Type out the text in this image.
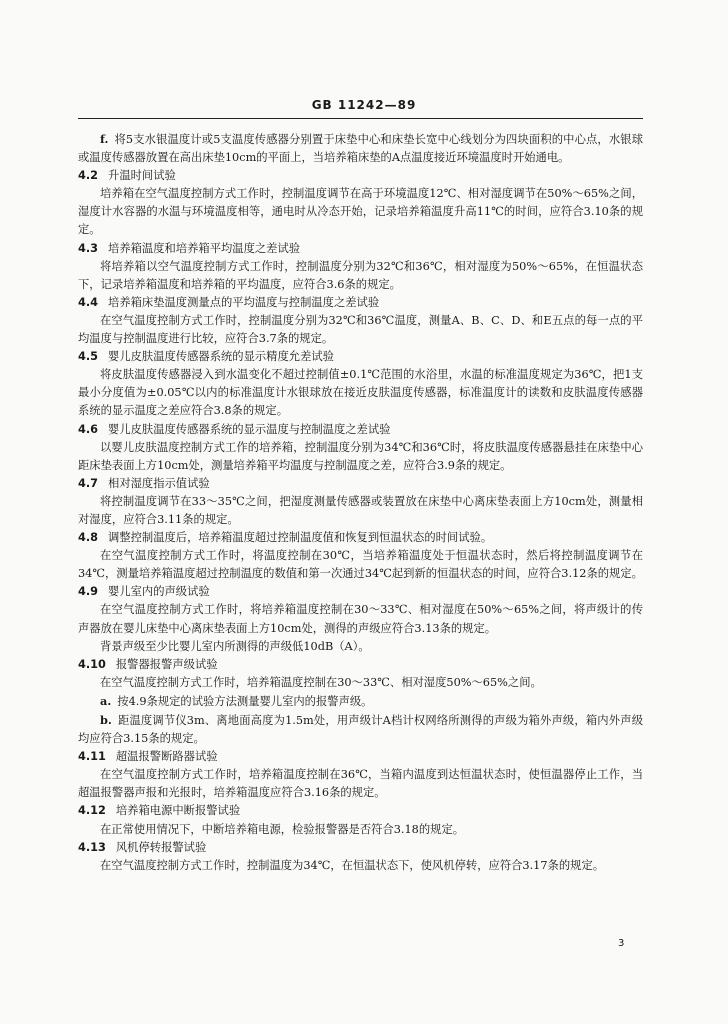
GB 11242—89

f. 将5支水银温度计或5支温度传感器分别置于床垫中心和床垫长宽中心线划分为四块面积的中心点，水银球或温度传感器放置在高出床垫10cm的平面上，当培养箱床垫的A点温度接近环境温度时开始通电。

4.2 升温时间试验

培养箱在空气温度控制方式工作时，控制温度调节在高于环境温度12℃、相对湿度调节在50%～65%之间，湿度计水容器的水温与环境温度相等，通电时从冷态开始，记录培养箱温度升高11℃的时间，应符合3.10条的规定。

4.3 培养箱温度和培养箱平均温度之差试验

将培养箱以空气温度控制方式工作时，控制温度分别为32℃和36℃，相对湿度为50%～65%，在恒温状态下，记录培养箱温度和培养箱的平均温度，应符合3.6条的规定。

4.4 培养箱床垫温度测量点的平均温度与控制温度之差试验

在空气温度控制方式工作时，控制温度分别为32℃和36℃温度，测量A、B、C、D、和E五点的每一点的平均温度与控制温度进行比较，应符合3.7条的规定。

4.5 婴儿皮肤温度传感器系统的显示精度允差试验

将皮肤温度传感器浸入到水温变化不超过控制值±0.1℃范围的水浴里，水温的标准温度规定为36℃，把1支最小分度值为±0.05℃以内的标准温度计水银球放在接近皮肤温度传感器，标准温度计的读数和皮肤温度传感器系统的显示温度之差应符合3.8条的规定。

4.6 婴儿皮肤温度传感器系统的显示温度与控制温度之差试验

以婴儿皮肤温度控制方式工作的培养箱，控制温度分别为34℃和36℃时，将皮肤温度传感器悬挂在床垫中心距床垫表面上方10cm处，测量培养箱平均温度与控制温度之差，应符合3.9条的规定。

4.7 相对湿度指示值试验

将控制温度调节在33～35℃之间，把湿度测量传感器或装置放在床垫中心离床垫表面上方10cm处，测量相对湿度，应符合3.11条的规定。

4.8 调整控制温度后，培养箱温度超过控制温度值和恢复到恒温状态的时间试验。

在空气温度控制方式工作时，将温度控制在30℃，当培养箱温度处于恒温状态时，然后将控制温度调节在34℃，测量培养箱温度超过控制温度的数值和第一次通过34℃起到新的恒温状态的时间，应符合3.12条的规定。

4.9 婴儿室内的声级试验

在空气温度控制方式工作时，将培养箱温度控制在30～33℃、相对湿度在50%～65%之间，将声级计的传声器放在婴儿床垫中心离床垫表面上方10cm处，测得的声级应符合3.13条的规定。

背景声级至少比婴儿室内所测得的声级低10dB（A）。

4.10 报警器报警声级试验

在空气温度控制方式工作时，培养箱温度控制在30～33℃、相对湿度50%～65%之间。

a. 按4.9条规定的试验方法测量婴儿室内的报警声级。

b. 距温度调节仪3m、离地面高度为1.5m处，用声级计A档计权网络所测得的声级为箱外声级，箱内外声级均应符合3.15条的规定。

4.11 超温报警断路器试验

在空气温度控制方式工作时，培养箱温度控制在36℃，当箱内温度到达恒温状态时，使恒温器停止工作，当超温报警器声报和光报时，培养箱温度应符合3.16条的规定。

4.12 培养箱电源中断报警试验

在正常使用情况下，中断培养箱电源，检验报警器是否符合3.18的规定。

4.13 风机停转报警试验

在空气温度控制方式工作时，控制温度为34℃，在恒温状态下，使风机停转，应符合3.17条的规定。

3
